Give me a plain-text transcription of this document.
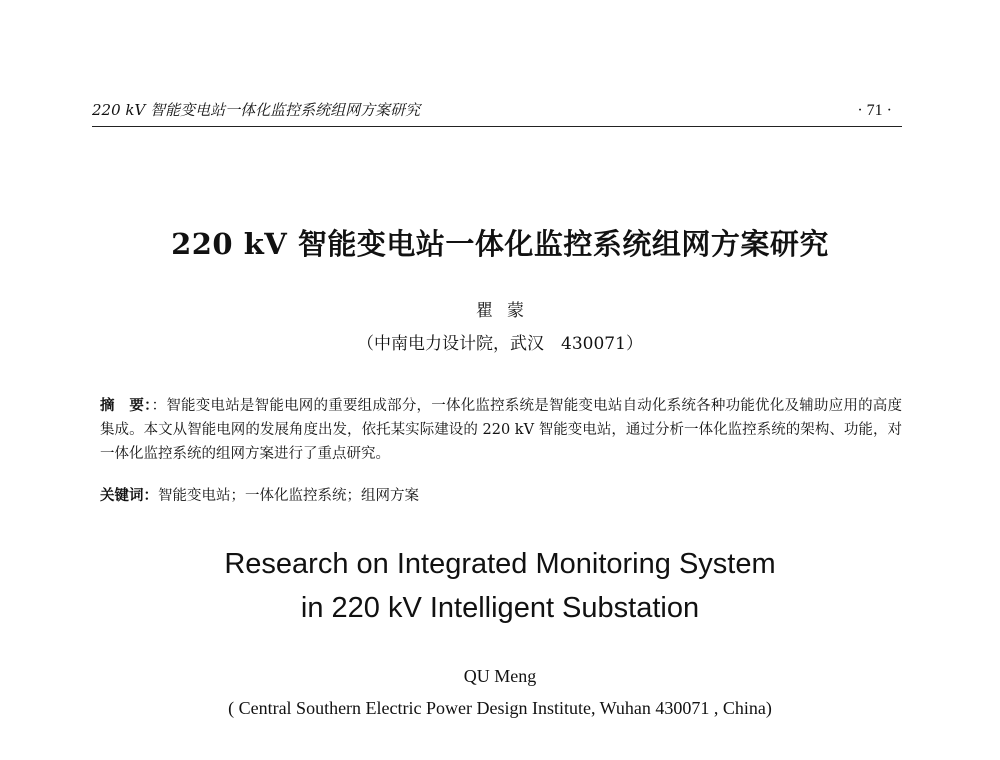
220 kV 智能变电站一体化监控系统组网方案研究	· 71 ·
220 kV 智能变电站一体化监控系统组网方案研究
瞿蒙
（中南电力设计院，武汉　430071）
摘　要：：智能变电站是智能电网的重要组成部分，一体化监控系统是智能变电站自动化系统各种功能优化及辅助应用的高度集成。本文从智能电网的发展角度出发，依托某实际建设的 220 kV 智能变电站，通过分析一体化监控系统的架构、功能，对一体化监控系统的组网方案进行了重点研究。
关键词：智能变电站；一体化监控系统；组网方案
Research on Integrated Monitoring System
in 220 kV Intelligent Substation
QU Meng
( Central Southern Electric Power Design Institute, Wuhan 430071 , China)
